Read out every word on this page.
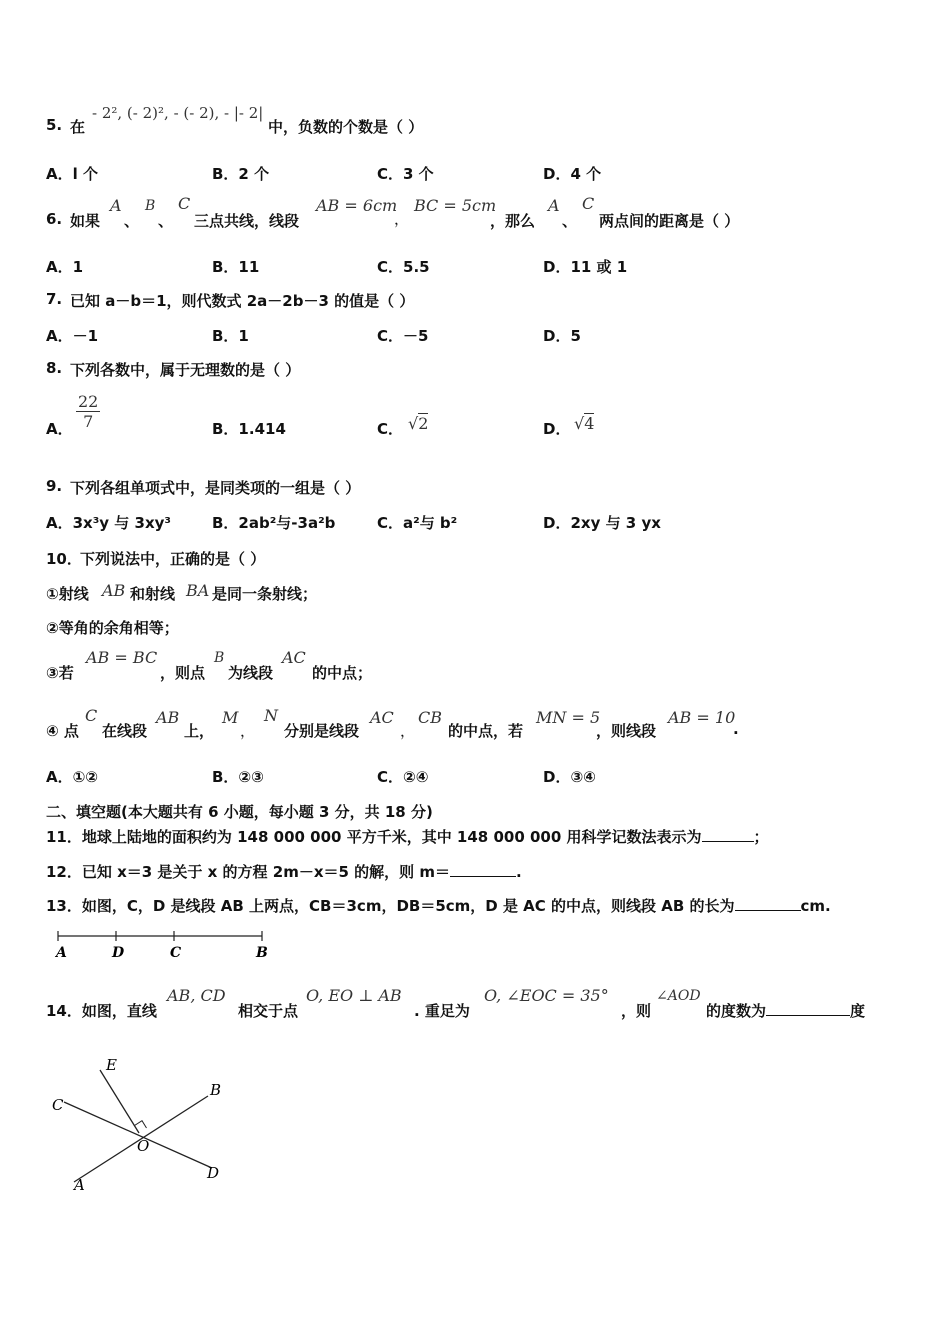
5. 在
- 2², (- 2)², - (- 2), - |- 2|
中，负数的个数是（ ）
A．l 个	B．2 个	C．3 个	D．4 个
6. 如果
A
、
B
、
C
三点共线，线段
AB = 6cm
，
BC = 5cm
，那么
A
、
C
两点间的距离是（ ）
A．1	B．11	C．5.5	D．11 或 1
7. 已知 a－b＝1，则代数式 2a－2b－3 的值是（ ）
A．－1	B．1	C．－5	D．5
8. 下列各数中，属于无理数的是（ ）
A． $\frac{22}{7}$	B．1.414	C． √2	D． √4
9. 下列各组单项式中，是同类项的一组是（ ）
A．3x³y 与 3xy³	B．2ab²与-3a²b	C．a²与 b²	D．2xy 与 3 yx
10．
下列说法中，正确的是（ ）
①射线 AB 和射线 BA 是同一条射线；
②等角的余角相等；
③若
AB = BC
，则点
B
为线段
AC
的中点；
④ 点
C
在线段
AB
上，
M
，
N
分别是线段
AC
，
CB
的中点，若
MN = 5
，则线段
AB = 10
.
A．①②	B．②③	C．②④	D．③④
二、填空题(本大题共有 6 小题，每小题 3 分，共 18 分)
11．地球上陆地的面积约为 148 000 000 平方千米，其中 148 000 000 用科学记数法表示为	；
12．已知 x＝3 是关于 x 的方程 2m－x＝5 的解，则 m＝	.
13．如图，C，D 是线段 AB 上两点，CB＝3cm，DB＝5cm，D 是 AC 的中点，则线段 AB 的长为	cm.
A	D	C	B
14．如图，直线
AB, CD
相交于点
O, EO ⊥ AB
. 重足为
O, ∠EOC = 35°
，则
∠AOD
的度数为	度
E
C
B
O
A
D
